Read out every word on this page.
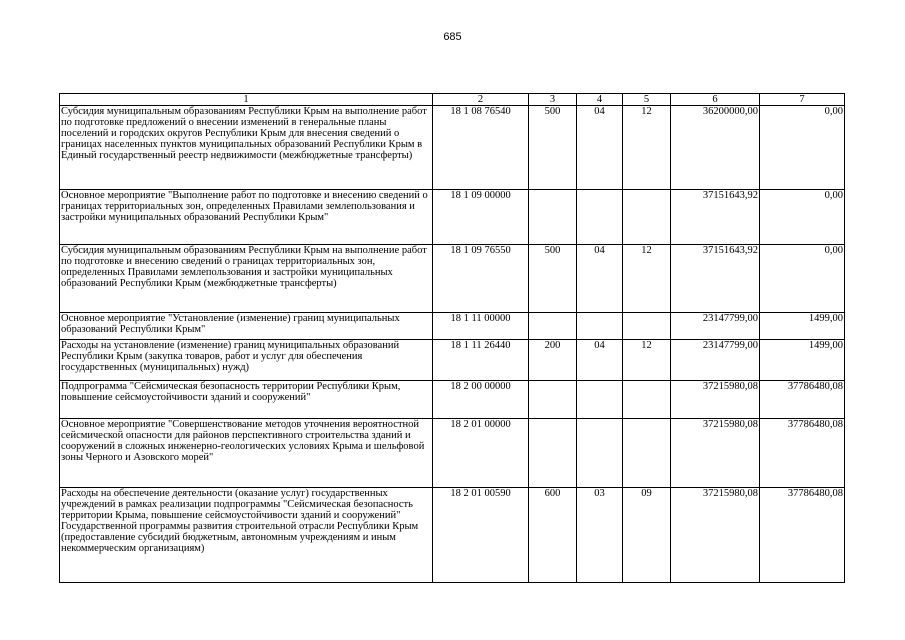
685
1	2	3	4	5	6	7
Субсидия муниципальным образованиям Республики Крым на выполнение работ по подготовке предложений о внесении изменений в генеральные планы поселений и городских округов Республики Крым для внесения сведений о границах населенных пунктов муниципальных образований Республики Крым в Единый государственный реестр недвижимости (межбюджетные трансферты)	18 1 08 76540	500	04	12	36200000,00	0,00
Основное мероприятие "Выполнение работ по подготовке и внесению сведений о границах территориальных зон, определенных Правилами землепользования и застройки муниципальных образований Республики Крым"	18 1 09 00000				37151643,92	0,00
Субсидия муниципальным образованиям Республики Крым на выполнение работ по подготовке и внесению сведений о границах территориальных зон, определенных Правилами землепользования и застройки муниципальных образований Республики Крым (межбюджетные трансферты)	18 1 09 76550	500	04	12	37151643,92	0,00
Основное мероприятие "Установление (изменение) границ муниципальных образований Республики Крым"	18 1 11 00000				23147799,00	1499,00
Расходы на установление (изменение) границ муниципальных образований Республики Крым (закупка товаров, работ и услуг для обеспечения государственных (муниципальных) нужд)	18 1 11 26440	200	04	12	23147799,00	1499,00
Подпрограмма "Сейсмическая безопасность территории Республики Крым, повышение сейсмоустойчивости зданий и сооружений"	18 2 00 00000				37215980,08	37786480,08
Основное мероприятие "Совершенствование методов уточнения вероятностной сейсмической опасности для районов перспективного строительства зданий и сооружений в сложных инженерно-геологических условиях Крыма и шельфовой зоны Черного и Азовского морей"	18 2 01 00000				37215980,08	37786480,08
Расходы на обеспечение деятельности (оказание услуг) государственных учреждений в рамках реализации подпрограммы "Сейсмическая безопасность территории Крыма, повышение сейсмоустойчивости зданий и сооружений" Государственной программы развития строительной отрасли Республики Крым (предоставление субсидий бюджетным, автономным учреждениям и иным некоммерческим организациям)	18 2 01 00590	600	03	09	37215980,08	37786480,08
